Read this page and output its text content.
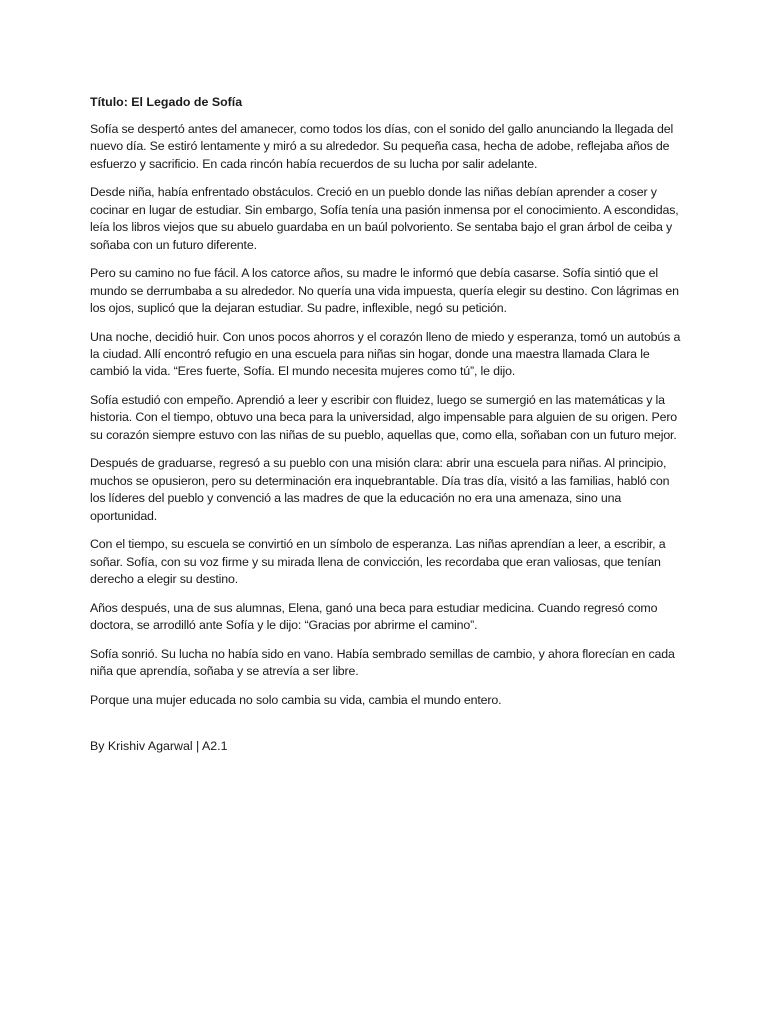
Título: El Legado de Sofía

Sofía se despertó antes del amanecer, como todos los días, con el sonido del gallo anunciando la llegada del nuevo día. Se estiró lentamente y miró a su alrededor. Su pequeña casa, hecha de adobe, reflejaba años de esfuerzo y sacrificio. En cada rincón había recuerdos de su lucha por salir adelante.

Desde niña, había enfrentado obstáculos. Creció en un pueblo donde las niñas debían aprender a coser y cocinar en lugar de estudiar. Sin embargo, Sofía tenía una pasión inmensa por el conocimiento. A escondidas, leía los libros viejos que su abuelo guardaba en un baúl polvoriento. Se sentaba bajo el gran árbol de ceiba y soñaba con un futuro diferente.

Pero su camino no fue fácil. A los catorce años, su madre le informó que debía casarse. Sofía sintió que el mundo se derrumbaba a su alrededor. No quería una vida impuesta, quería elegir su destino. Con lágrimas en los ojos, suplicó que la dejaran estudiar. Su padre, inflexible, negó su petición.

Una noche, decidió huir. Con unos pocos ahorros y el corazón lleno de miedo y esperanza, tomó un autobús a la ciudad. Allí encontró refugio en una escuela para niñas sin hogar, donde una maestra llamada Clara le cambió la vida. “Eres fuerte, Sofía. El mundo necesita mujeres como tú”, le dijo.

Sofía estudió con empeño. Aprendió a leer y escribir con fluidez, luego se sumergió en las matemáticas y la historia. Con el tiempo, obtuvo una beca para la universidad, algo impensable para alguien de su origen. Pero su corazón siempre estuvo con las niñas de su pueblo, aquellas que, como ella, soñaban con un futuro mejor.

Después de graduarse, regresó a su pueblo con una misión clara: abrir una escuela para niñas. Al principio, muchos se opusieron, pero su determinación era inquebrantable. Día tras día, visitó a las familias, habló con los líderes del pueblo y convenció a las madres de que la educación no era una amenaza, sino una oportunidad.

Con el tiempo, su escuela se convirtió en un símbolo de esperanza. Las niñas aprendían a leer, a escribir, a soñar. Sofía, con su voz firme y su mirada llena de convicción, les recordaba que eran valiosas, que tenían derecho a elegir su destino.

Años después, una de sus alumnas, Elena, ganó una beca para estudiar medicina. Cuando regresó como doctora, se arrodilló ante Sofía y le dijo: “Gracias por abrirme el camino”.

Sofía sonrió. Su lucha no había sido en vano. Había sembrado semillas de cambio, y ahora florecían en cada niña que aprendía, soñaba y se atrevía a ser libre.

Porque una mujer educada no solo cambia su vida, cambia el mundo entero.

By Krishiv Agarwal | A2.1
